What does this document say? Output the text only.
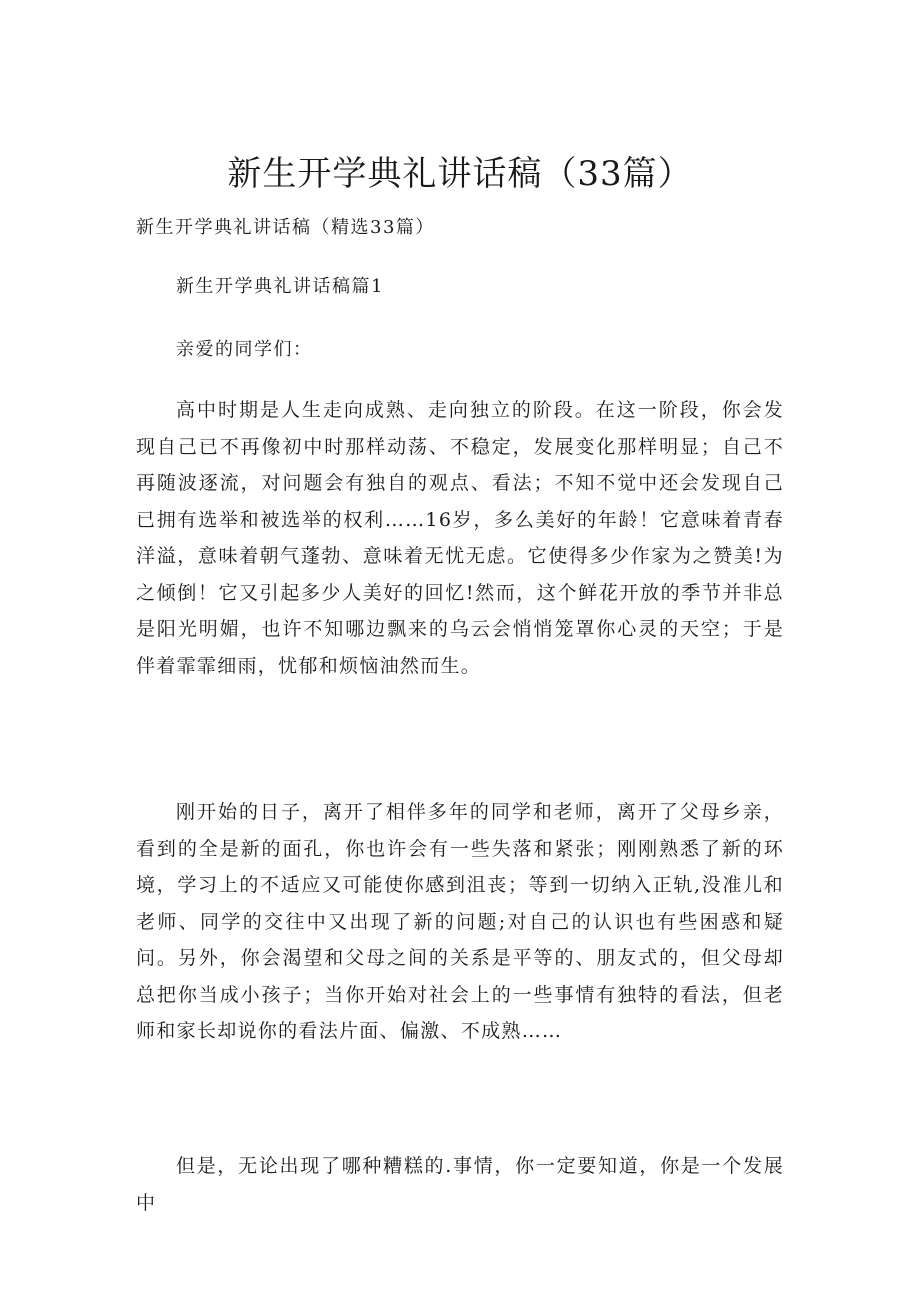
新生开学典礼讲话稿（33篇）

新生开学典礼讲话稿（精选33篇）

新生开学典礼讲话稿篇1

亲爱的同学们：

高中时期是人生走向成熟、走向独立的阶段。在这一阶段，你会发现自己已不再像初中时那样动荡、不稳定，发展变化那样明显；自己不再随波逐流，对问题会有独自的观点、看法；不知不觉中还会发现自己已拥有选举和被选举的权利……16岁，多么美好的年龄！它意味着青春洋溢，意味着朝气蓬勃、意味着无忧无虑。它使得多少作家为之赞美!为之倾倒！它又引起多少人美好的回忆!然而，这个鲜花开放的季节并非总是阳光明媚，也许不知哪边飘来的乌云会悄悄笼罩你心灵的天空；于是伴着霏霏细雨，忧郁和烦恼油然而生。

刚开始的日子，离开了相伴多年的同学和老师，离开了父母乡亲，看到的全是新的面孔，你也许会有一些失落和紧张；刚刚熟悉了新的环境，学习上的不适应又可能使你感到沮丧；等到一切纳入正轨,没准儿和老师、同学的交往中又出现了新的问题;对自己的认识也有些困惑和疑问。另外，你会渴望和父母之间的关系是平等的、朋友式的，但父母却总把你当成小孩子；当你开始对社会上的一些事情有独特的看法，但老师和家长却说你的看法片面、偏激、不成熟……

但是，无论出现了哪种糟糕的.事情，你一定要知道，你是一个发展中
